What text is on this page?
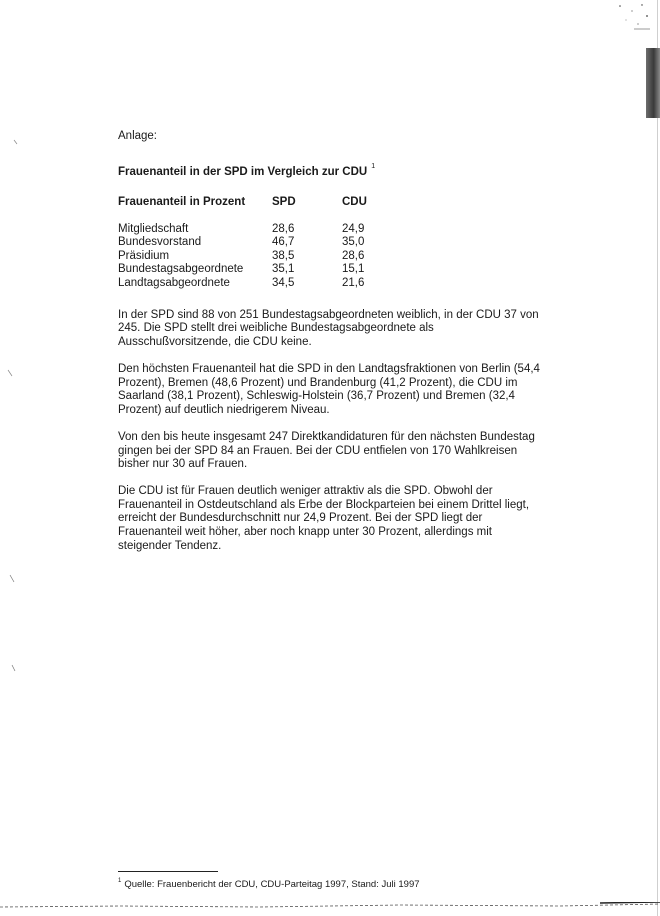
Anlage:

Frauenanteil in der SPD im Vergleich zur CDU $^1$

Frauenanteil in Prozent	SPD	CDU
Mitgliedschaft	28,6	24,9
Bundesvorstand	46,7	35,0
Präsidium	38,5	28,6
Bundestagsabgeordnete	35,1	15,1
Landtagsabgeordnete	34,5	21,6

In der SPD sind 88 von 251 Bundestagsabgeordneten weiblich, in der CDU 37 von 245. Die SPD stellt drei weibliche Bundestagsabgeordnete als Ausschußvorsitzende, die CDU keine.

Den höchsten Frauenanteil hat die SPD in den Landtagsfraktionen von Berlin (54,4 Prozent), Bremen (48,6 Prozent) und Brandenburg (41,2 Prozent), die CDU im Saarland (38,1 Prozent), Schleswig-Holstein (36,7 Prozent) und Bremen (32,4 Prozent) auf deutlich niedrigerem Niveau.

Von den bis heute insgesamt 247 Direktkandidaturen für den nächsten Bundestag gingen bei der SPD 84 an Frauen. Bei der CDU entfielen von 170 Wahlkreisen bisher nur 30 auf Frauen.

Die CDU ist für Frauen deutlich weniger attraktiv als die SPD. Obwohl der Frauenanteil in Ostdeutschland als Erbe der Blockparteien bei einem Drittel liegt, erreicht der Bundesdurchschnitt nur 24,9 Prozent. Bei der SPD liegt der Frauenanteil weit höher, aber noch knapp unter 30 Prozent, allerdings mit steigender Tendenz.

$^1$ Quelle: Frauenbericht der CDU, CDU-Parteitag 1997, Stand: Juli 1997
